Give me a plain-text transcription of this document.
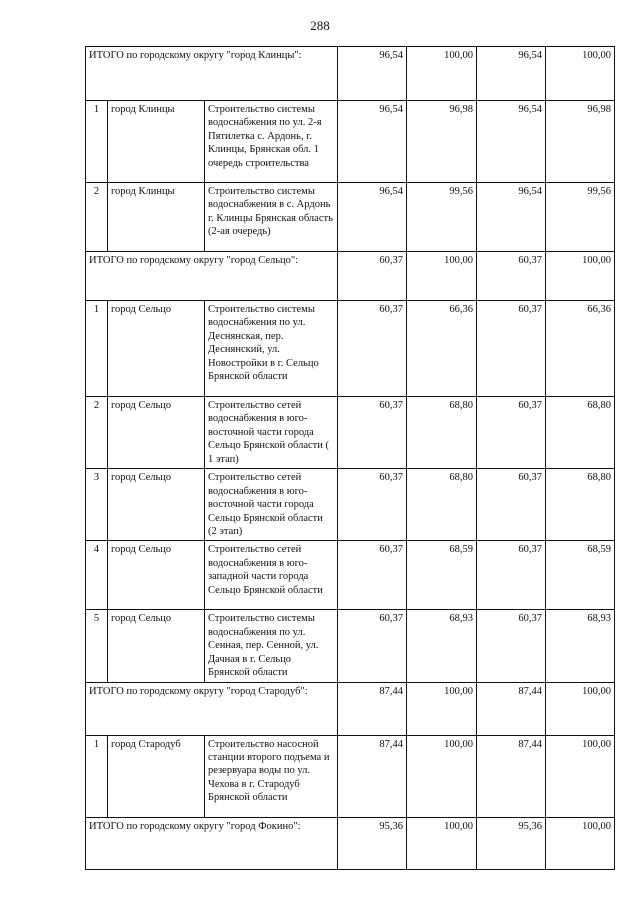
288
ИТОГО по городскому округу "город Клинцы":			96,54	100,00	96,54	100,00
1	город Клинцы	Строительство системы водоснабжения по ул. 2-я Пятилетка с. Ардонь, г. Клинцы, Брянская обл. 1 очередь строительства	96,54	96,98	96,54	96,98
2	город Клинцы	Строительство системы водоснабжения в с. Ардонь г. Клинцы Брянская область (2-ая очередь)	96,54	99,56	96,54	99,56
ИТОГО по городскому округу "город Сельцо":			60,37	100,00	60,37	100,00
1	город Сельцо	Строительство системы водоснабжения по ул. Деснянская, пер. Деснянский, ул. Новостройки в г. Сельцо Брянской области	60,37	66,36	60,37	66,36
2	город Сельцо	Строительство сетей водоснабжения в юго-восточной части города Сельцо Брянской области ( 1 этап)	60,37	68,80	60,37	68,80
3	город Сельцо	Строительство сетей водоснабжения в юго-восточной части города Сельцо Брянской области (2 этап)	60,37	68,80	60,37	68,80
4	город Сельцо	Строительство сетей водоснабжения в юго-западной части города Сельцо Брянской области	60,37	68,59	60,37	68,59
5	город Сельцо	Строительство системы водоснабжения по ул. Сенная, пер. Сенной, ул. Дачная в г. Сельцо Брянской области	60,37	68,93	60,37	68,93
ИТОГО по городскому округу "город Стародуб":			87,44	100,00	87,44	100,00
1	город Стародуб	Строительство насосной станции второго подъема и резервуара воды по ул. Чехова в г. Стародуб Брянской области	87,44	100,00	87,44	100,00
ИТОГО по городскому округу "город Фокино":			95,36	100,00	95,36	100,00
